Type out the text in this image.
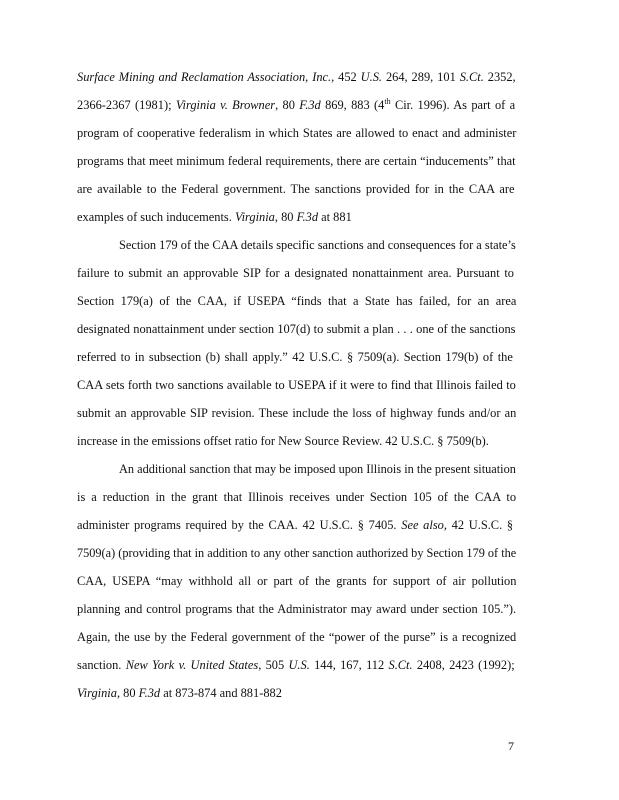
Surface Mining and Reclamation Association, Inc., 452 U.S. 264, 289, 101 S.Ct. 2352,
2366-2367 (1981); Virginia v. Browner, 80 F.3d 869, 883 (4th Cir. 1996). As part of a
program of cooperative federalism in which States are allowed to enact and administer
programs that meet minimum federal requirements, there are certain “inducements” that
are available to the Federal government. The sanctions provided for in the CAA are
examples of such inducements. Virginia, 80 F.3d at 881
Section 179 of the CAA details specific sanctions and consequences for a state’s
failure to submit an approvable SIP for a designated nonattainment area. Pursuant to
Section 179(a) of the CAA, if USEPA “finds that a State has failed, for an area
designated nonattainment under section 107(d) to submit a plan . . . one of the sanctions
referred to in subsection (b) shall apply.” 42 U.S.C. § 7509(a). Section 179(b) of the
CAA sets forth two sanctions available to USEPA if it were to find that Illinois failed to
submit an approvable SIP revision. These include the loss of highway funds and/or an
increase in the emissions offset ratio for New Source Review. 42 U.S.C. § 7509(b).
An additional sanction that may be imposed upon Illinois in the present situation
is a reduction in the grant that Illinois receives under Section 105 of the CAA to
administer programs required by the CAA. 42 U.S.C. § 7405. See also, 42 U.S.C. §
7509(a) (providing that in addition to any other sanction authorized by Section 179 of the
CAA, USEPA “may withhold all or part of the grants for support of air pollution
planning and control programs that the Administrator may award under section 105.”).
Again, the use by the Federal government of the “power of the purse” is a recognized
sanction. New York v. United States, 505 U.S. 144, 167, 112 S.Ct. 2408, 2423 (1992);
Virginia, 80 F.3d at 873-874 and 881-882
7
